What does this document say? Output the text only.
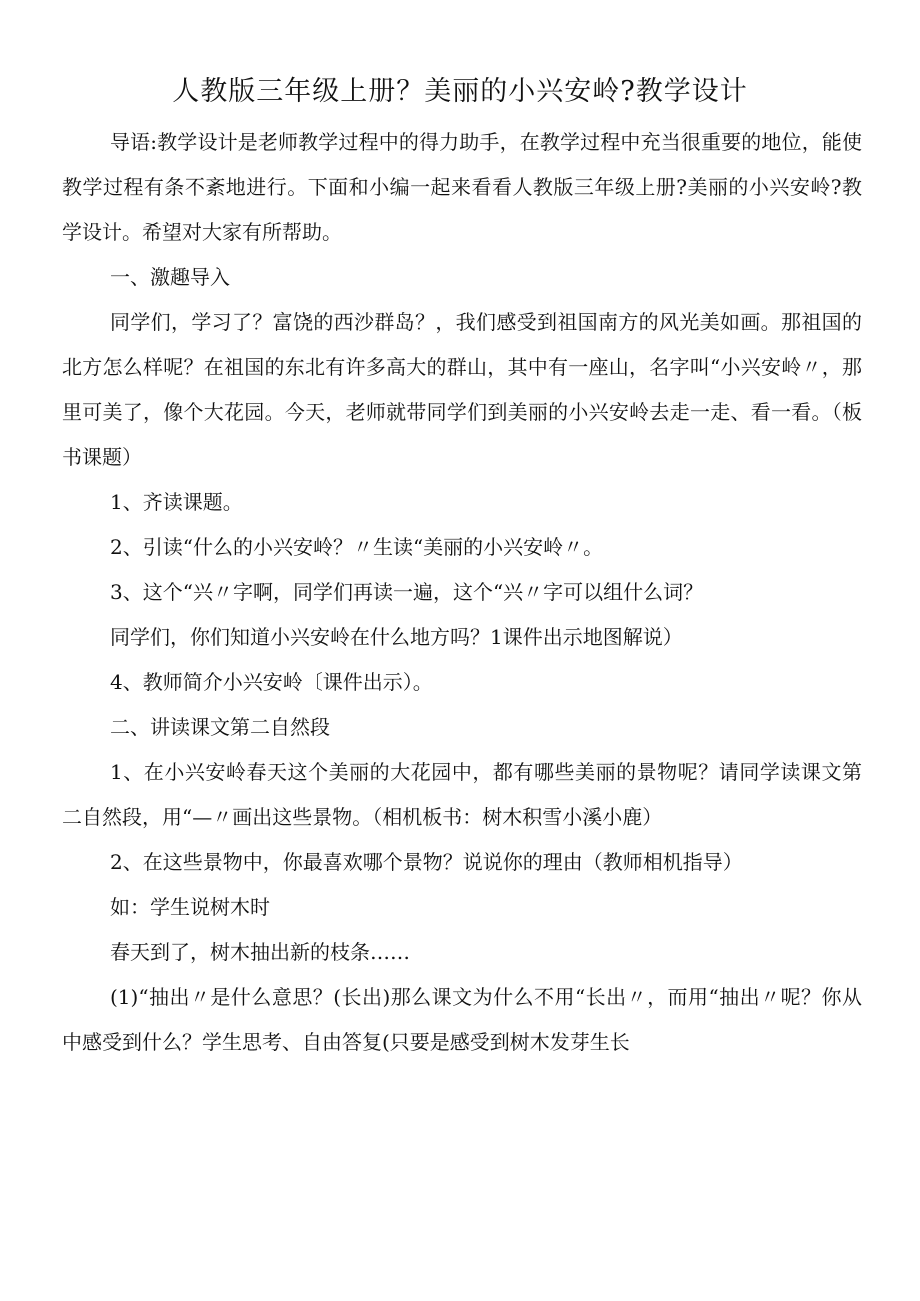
人教版三年级上册？美丽的小兴安岭?教学设计

导语:教学设计是老师教学过程中的得力助手，在教学过程中充当很重要的地位，能使教学过程有条不紊地进行。下面和小编一起来看看人教版三年级上册?美丽的小兴安岭?教学设计。希望对大家有所帮助。

一、激趣导入

同学们，学习了？富饶的西沙群岛？，我们感受到祖国南方的风光美如画。那祖国的北方怎么样呢？在祖国的东北有许多高大的群山，其中有一座山，名字叫“小兴安岭〃，那里可美了，像个大花园。今天，老师就带同学们到美丽的小兴安岭去走一走、看一看。（板书课题）

1、齐读课题。

2、引读“什么的小兴安岭？〃生读“美丽的小兴安岭〃。

3、这个“兴〃字啊，同学们再读一遍，这个“兴〃字可以组什么词？

同学们，你们知道小兴安岭在什么地方吗？1课件出示地图解说）

4、教师简介小兴安岭〔课件出示）。

二、讲读课文第二自然段

1、在小兴安岭春天这个美丽的大花园中，都有哪些美丽的景物呢？请同学读课文第二自然段，用“—〃画出这些景物。（相机板书：树木积雪小溪小鹿）

2、在这些景物中，你最喜欢哪个景物？说说你的理由（教师相机指导）

如：学生说树木时

春天到了，树木抽出新的枝条……

(1)“抽出〃是什么意思？(长出)那么课文为什么不用“长出〃，而用“抽出〃呢？你从中感受到什么？学生思考、自由答复(只要是感受到树木发芽生长
